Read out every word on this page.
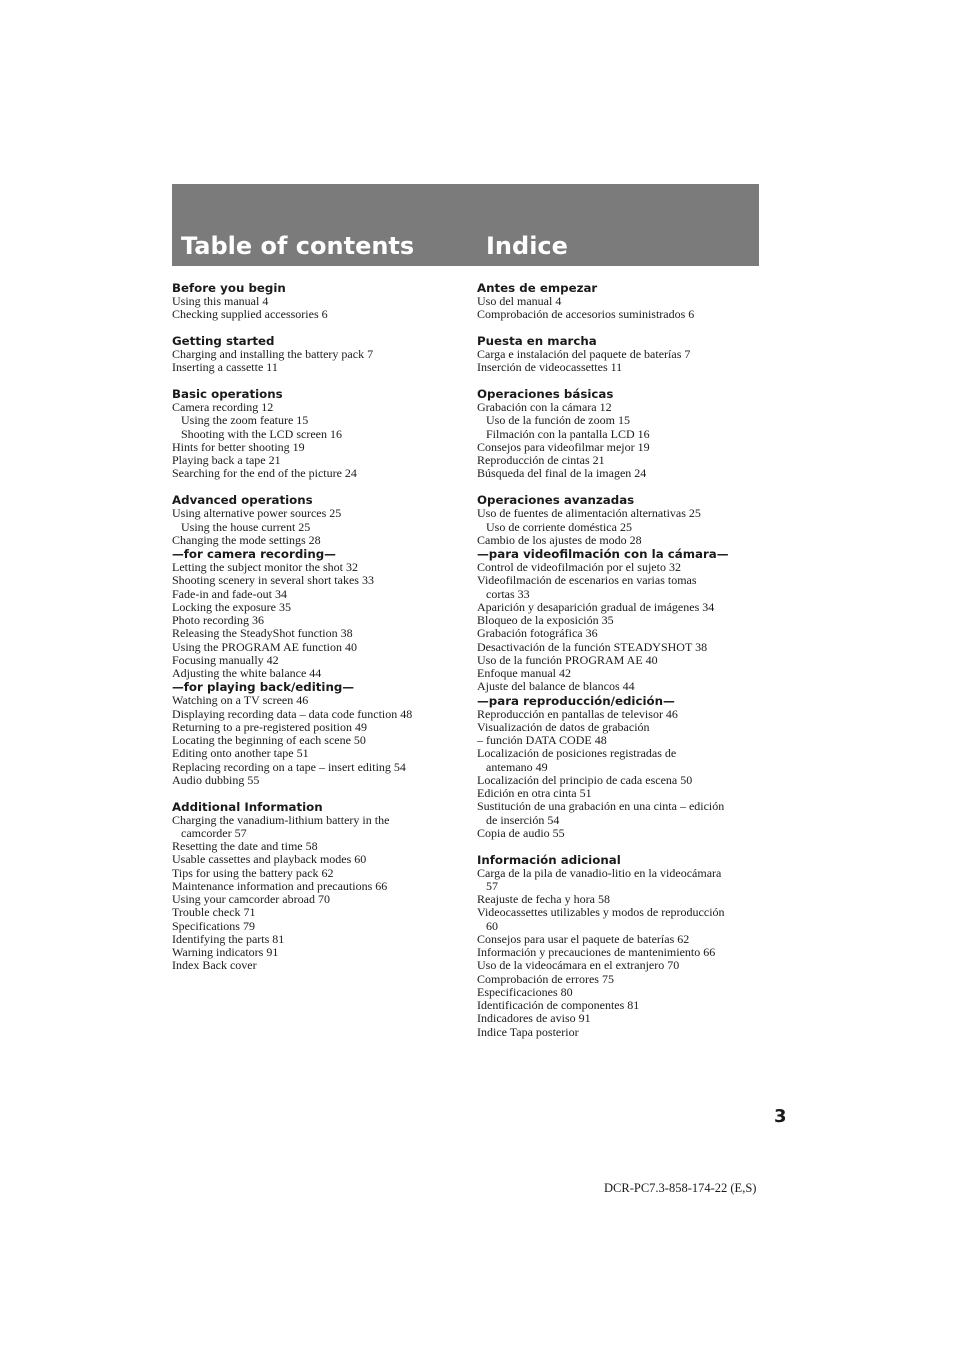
Table of contents	Indice
Before you begin
Using this manual 4
Checking supplied accessories 6
Getting started
Charging and installing the battery pack 7
Inserting a cassette 11
Basic operations
Camera recording 12
Using the zoom feature 15
Shooting with the LCD screen 16
Hints for better shooting 19
Playing back a tape 21
Searching for the end of the picture 24
Advanced operations
Using alternative power sources 25
Using the house current 25
Changing the mode settings 28
—for camera recording—
Letting the subject monitor the shot 32
Shooting scenery in several short takes 33
Fade-in and fade-out 34
Locking the exposure 35
Photo recording 36
Releasing the SteadyShot function 38
Using the PROGRAM AE function 40
Focusing manually 42
Adjusting the white balance 44
—for playing back/editing—
Watching on a TV screen 46
Displaying recording data – data code function 48
Returning to a pre-registered position 49
Locating the beginning of each scene 50
Editing onto another tape 51
Replacing recording on a tape – insert editing 54
Audio dubbing 55
Additional Information
Charging the vanadium-lithium battery in the
camcorder 57
Resetting the date and time 58
Usable cassettes and playback modes 60
Tips for using the battery pack 62
Maintenance information and precautions 66
Using your camcorder abroad 70
Trouble check 71
Specifications 79
Identifying the parts 81
Warning indicators 91
Index Back cover
Antes de empezar
Uso del manual 4
Comprobación de accesorios suministrados 6
Puesta en marcha
Carga e instalación del paquete de baterías 7
Inserción de videocassettes 11
Operaciones básicas
Grabación con la cámara 12
Uso de la función de zoom 15
Filmación con la pantalla LCD 16
Consejos para videofilmar mejor 19
Reproducción de cintas 21
Búsqueda del final de la imagen 24
Operaciones avanzadas
Uso de fuentes de alimentación alternativas 25
Uso de corriente doméstica 25
Cambio de los ajustes de modo 28
—para videofilmación con la cámara—
Control de videofilmación por el sujeto 32
Videofilmación de escenarios en varias tomas
cortas 33
Aparición y desaparición gradual de imágenes 34
Bloqueo de la exposición 35
Grabación fotográfica 36
Desactivación de la función STEADYSHOT 38
Uso de la función PROGRAM AE 40
Enfoque manual 42
Ajuste del balance de blancos 44
—para reproducción/edición—
Reproducción en pantallas de televisor 46
Visualización de datos de grabación
– función DATA CODE 48
Localización de posiciones registradas de
antemano 49
Localización del principio de cada escena 50
Edición en otra cinta 51
Sustitución de una grabación en una cinta – edición
de inserción 54
Copia de audio 55
Información adicional
Carga de la pila de vanadio-litio en la videocámara
57
Reajuste de fecha y hora 58
Videocassettes utilizables y modos de reproducción
60
Consejos para usar el paquete de baterías 62
Información y precauciones de mantenimiento 66
Uso de la videocámara en el extranjero 70
Comprobación de errores 75
Especificaciones 80
Identificación de componentes 81
Indicadores de aviso 91
Indice Tapa posterior
3
DCR-PC7.3-858-174-22 (E,S)
